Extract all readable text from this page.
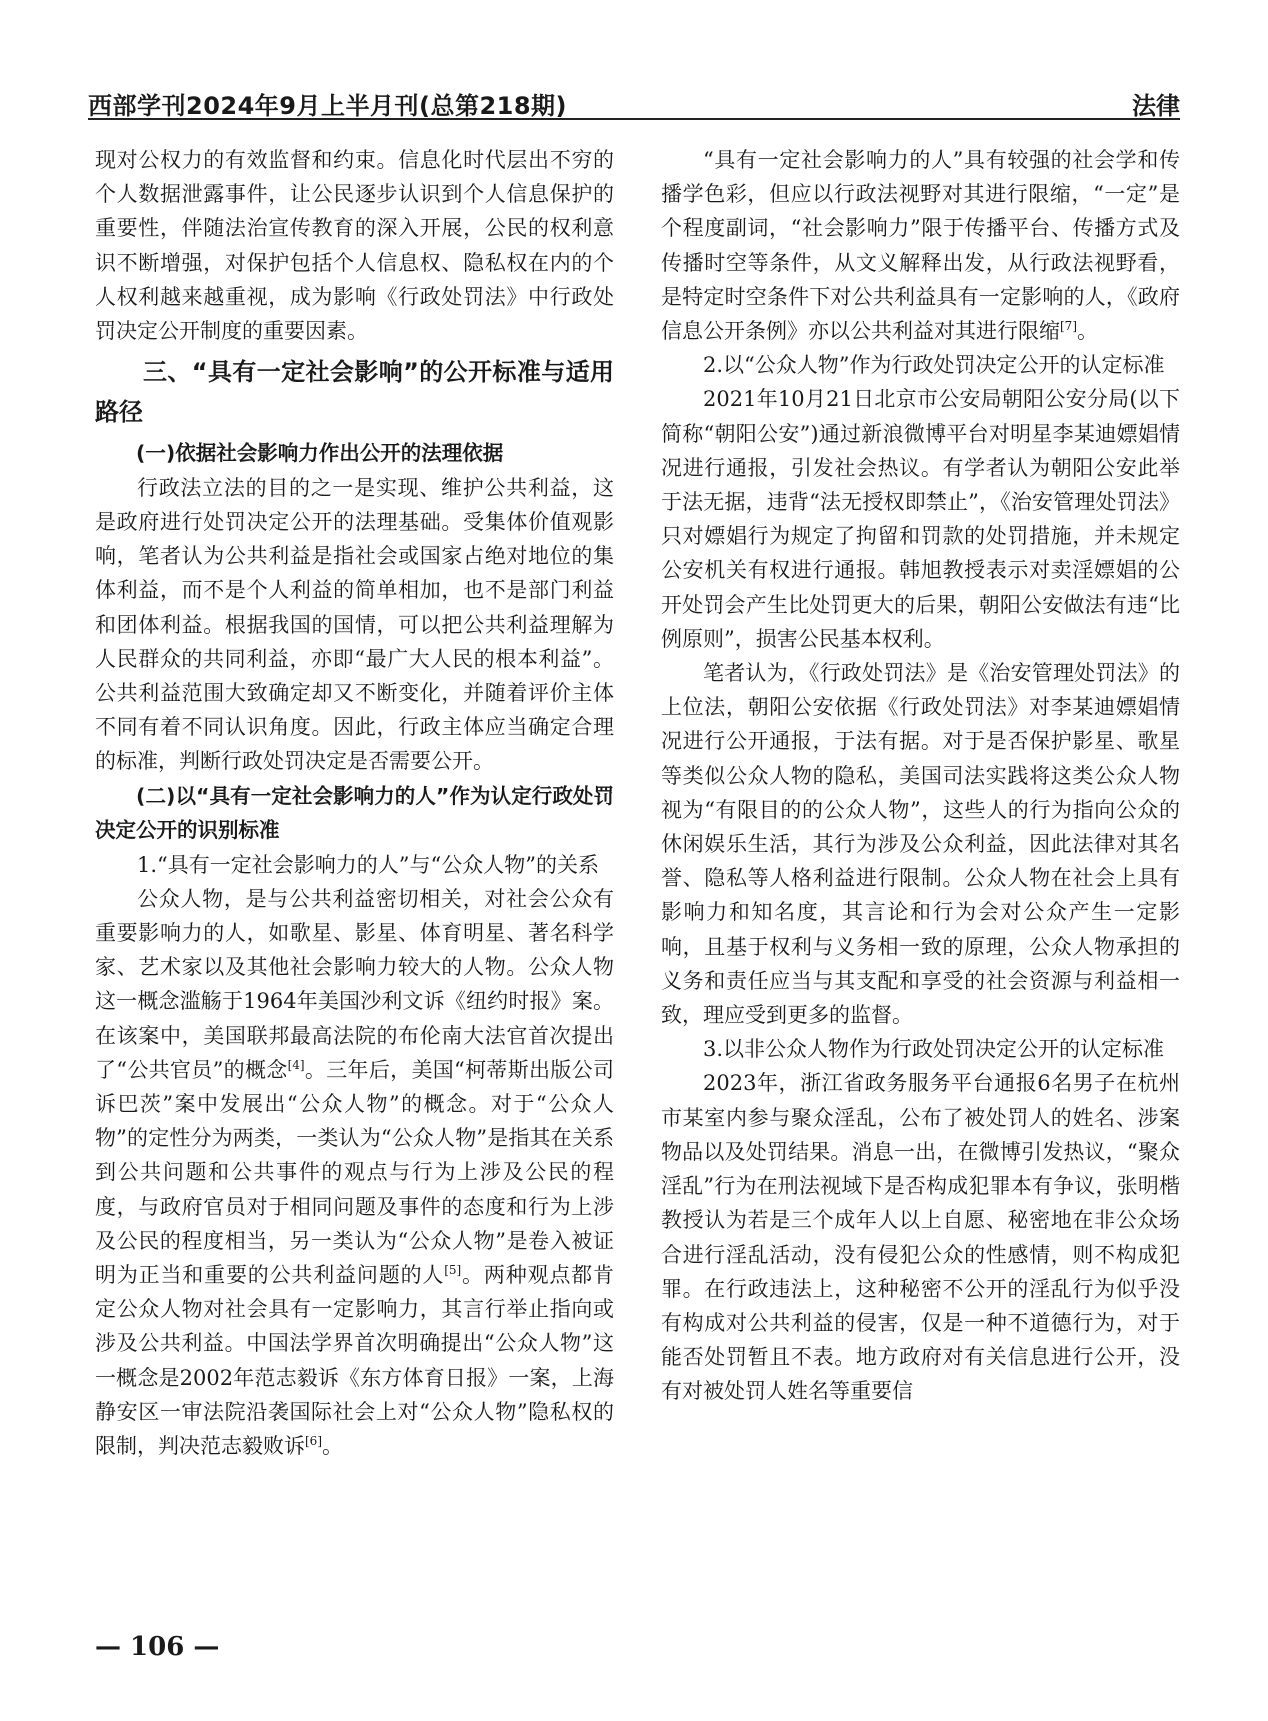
西部学刊2024年9月上半月刊(总第218期)	法律

现对公权力的有效监督和约束。信息化时代层出不穷的个人数据泄露事件，让公民逐步认识到个人信息保护的重要性，伴随法治宣传教育的深入开展，公民的权利意识不断增强，对保护包括个人信息权、隐私权在内的个人权利越来越重视，成为影响《行政处罚法》中行政处罚决定公开制度的重要因素。

三、“具有一定社会影响”的公开标准与适用路径
(一)依据社会影响力作出公开的法理依据

行政法立法的目的之一是实现、维护公共利益，这是政府进行处罚决定公开的法理基础。受集体价值观影响，笔者认为公共利益是指社会或国家占绝对地位的集体利益，而不是个人利益的简单相加，也不是部门利益和团体利益。根据我国的国情，可以把公共利益理解为人民群众的共同利益，亦即“最广大人民的根本利益”。公共利益范围大致确定却又不断变化，并随着评价主体不同有着不同认识角度。因此，行政主体应当确定合理的标准，判断行政处罚决定是否需要公开。

(二)以“具有一定社会影响力的人”作为认定行政处罚决定公开的识别标准

1.“具有一定社会影响力的人”与“公众人物”的关系

公众人物，是与公共利益密切相关，对社会公众有重要影响力的人，如歌星、影星、体育明星、著名科学家、艺术家以及其他社会影响力较大的人物。公众人物这一概念滥觞于1964年美国沙利文诉《纽约时报》案。在该案中，美国联邦最高法院的布伦南大法官首次提出了“公共官员”的概念[4]。三年后，美国“柯蒂斯出版公司诉巴茨”案中发展出“公众人物”的概念。对于“公众人物”的定性分为两类，一类认为“公众人物”是指其在关系到公共问题和公共事件的观点与行为上涉及公民的程度，与政府官员对于相同问题及事件的态度和行为上涉及公民的程度相当，另一类认为“公众人物”是卷入被证明为正当和重要的公共利益问题的人[5]。两种观点都肯定公众人物对社会具有一定影响力，其言行举止指向或涉及公共利益。中国法学界首次明确提出“公众人物”这一概念是2002年范志毅诉《东方体育日报》一案，上海静安区一审法院沿袭国际社会上对“公众人物”隐私权的限制，判决范志毅败诉[6]。

“具有一定社会影响力的人”具有较强的社会学和传播学色彩，但应以行政法视野对其进行限缩，“一定”是个程度副词，“社会影响力”限于传播平台、传播方式及传播时空等条件，从文义解释出发，从行政法视野看，是特定时空条件下对公共利益具有一定影响的人，《政府信息公开条例》亦以公共利益对其进行限缩[7]。

2.以“公众人物”作为行政处罚决定公开的认定标准

2021年10月21日北京市公安局朝阳公安分局(以下简称“朝阳公安”)通过新浪微博平台对明星李某迪嫖娼情况进行通报，引发社会热议。有学者认为朝阳公安此举于法无据，违背“法无授权即禁止”，《治安管理处罚法》只对嫖娼行为规定了拘留和罚款的处罚措施，并未规定公安机关有权进行通报。韩旭教授表示对卖淫嫖娼的公开处罚会产生比处罚更大的后果，朝阳公安做法有违“比例原则”，损害公民基本权利。

笔者认为，《行政处罚法》是《治安管理处罚法》的上位法，朝阳公安依据《行政处罚法》对李某迪嫖娼情况进行公开通报，于法有据。对于是否保护影星、歌星等类似公众人物的隐私，美国司法实践将这类公众人物视为“有限目的的公众人物”，这些人的行为指向公众的休闲娱乐生活，其行为涉及公众利益，因此法律对其名誉、隐私等人格利益进行限制。公众人物在社会上具有影响力和知名度，其言论和行为会对公众产生一定影响，且基于权利与义务相一致的原理，公众人物承担的义务和责任应当与其支配和享受的社会资源与利益相一致，理应受到更多的监督。

3.以非公众人物作为行政处罚决定公开的认定标准

2023年，浙江省政务服务平台通报6名男子在杭州市某室内参与聚众淫乱，公布了被处罚人的姓名、涉案物品以及处罚结果。消息一出，在微博引发热议，“聚众淫乱”行为在刑法视域下是否构成犯罪本有争议，张明楷教授认为若是三个成年人以上自愿、秘密地在非公众场合进行淫乱活动，没有侵犯公众的性感情，则不构成犯罪。在行政违法上，这种秘密不公开的淫乱行为似乎没有构成对公共利益的侵害，仅是一种不道德行为，对于能否处罚暂且不表。地方政府对有关信息进行公开，没有对被处罚人姓名等重要信

— 106 —
